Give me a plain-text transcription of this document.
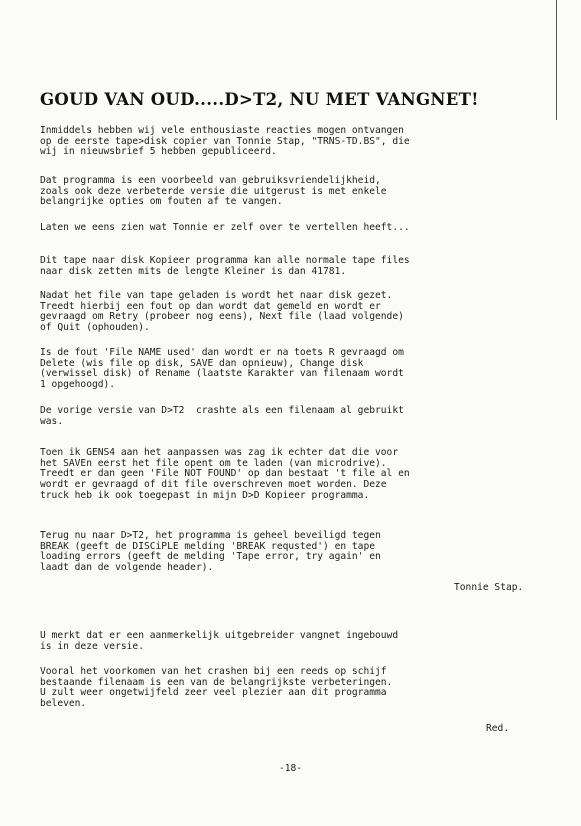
GOUD VAN OUD.....D>T2, NU MET VANGNET!
Inmiddels hebben wij vele enthousiaste reacties mogen ontvangen
op de eerste tape>disk copier van Tonnie Stap, "TRNS-TD.BS", die
wij in nieuwsbrief 5 hebben gepubliceerd.
Dat programma is een voorbeeld van gebruiksvriendelijkheid,
zoals ook deze verbeterde versie die uitgerust is met enkele
belangrijke opties om fouten af te vangen.
Laten we eens zien wat Tonnie er zelf over te vertellen heeft...
Dit tape naar disk Kopieer programma kan alle normale tape files
naar disk zetten mits de lengte Kleiner is dan 41781.
Nadat het file van tape geladen is wordt het naar disk gezet.
Treedt hierbij een fout op dan wordt dat gemeld en wordt er
gevraagd om Retry (probeer nog eens), Next file (laad volgende)
of Quit (ophouden).
Is de fout 'File NAME used' dan wordt er na toets R gevraagd om
Delete (wis file op disk, SAVE dan opnieuw), Change disk
(verwissel disk) of Rename (laatste Karakter van filenaam wordt
1 opgehoogd).
De vorige versie van D>T2  crashte als een filenaam al gebruikt
was.
Toen ik GENS4 aan het aanpassen was zag ik echter dat die voor
het SAVEn eerst het file opent om te laden (van microdrive).
Treedt er dan geen 'File NOT FOUND' op dan bestaat 't file al en
wordt er gevraagd of dit file overschreven moet worden. Deze
truck heb ik ook toegepast in mijn D>D Kopieer programma.
Terug nu naar D>T2, het programma is geheel beveiligd tegen
BREAK (geeft de DISCiPLE melding 'BREAK requsted') en tape
loading errors (geeft de melding 'Tape error, try again' en
laadt dan de volgende header).
U merkt dat er een aanmerkelijk uitgebreider vangnet ingebouwd
is in deze versie.
Vooral het voorkomen van het crashen bij een reeds op schijf
bestaande filenaam is een van de belangrijkste verbeteringen.
U zult weer ongetwijfeld zeer veel plezier aan dit programma
beleven.
Tonnie Stap.
Red.
-18-
